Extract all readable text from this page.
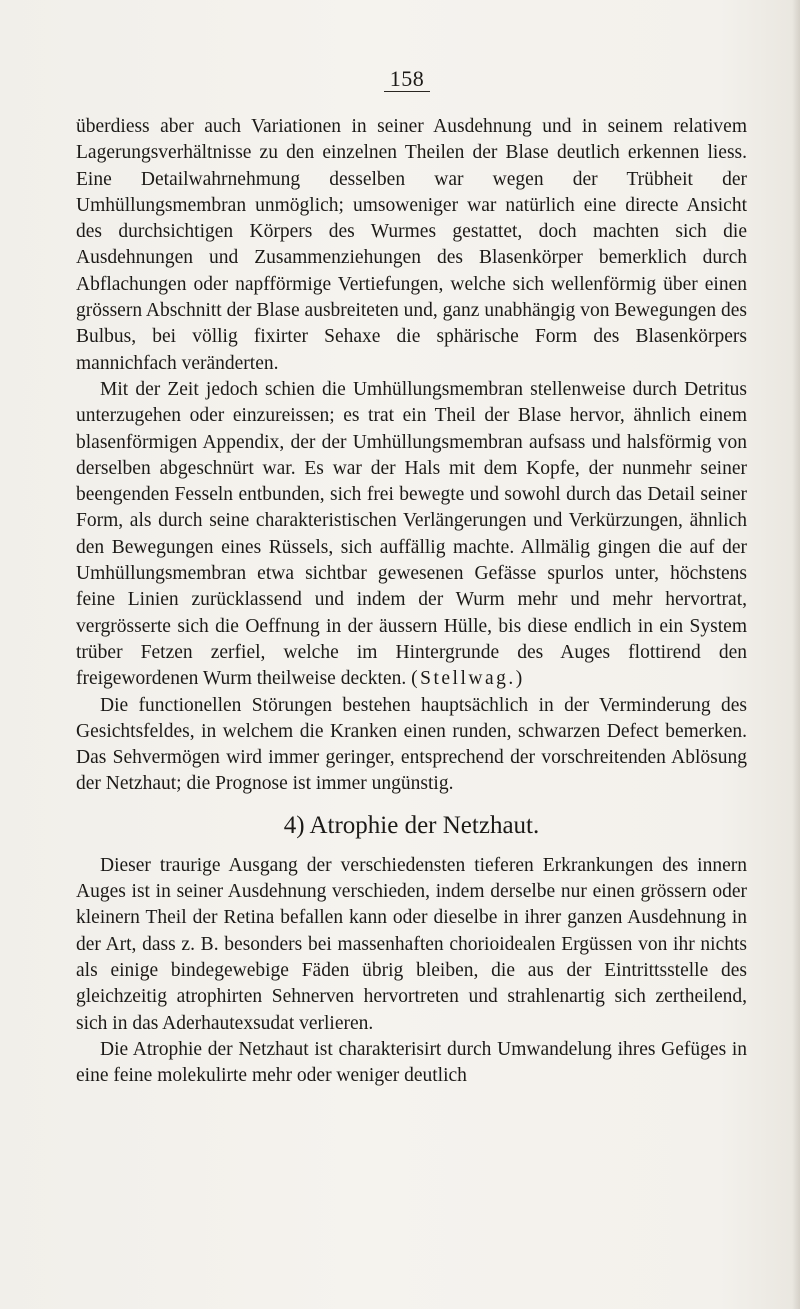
158

überdiess aber auch Variationen in seiner Ausdehnung und in seinem relativem Lagerungsverhältnisse zu den einzelnen Theilen der Blase deutlich erkennen liess. Eine Detailwahrnehmung desselben war wegen der Trübheit der Umhüllungsmembran unmöglich; umsoweniger war natürlich eine directe Ansicht des durchsichtigen Körpers des Wurmes gestattet, doch machten sich die Ausdehnungen und Zusammenziehungen des Blasenkörper bemerklich durch Abflachungen oder napfförmige Vertiefungen, welche sich wellenförmig über einen grössern Abschnitt der Blase ausbreiteten und, ganz unabhängig von Bewegungen des Bulbus, bei völlig fixirter Sehaxe die sphärische Form des Blasenkörpers mannichfach veränderten.

Mit der Zeit jedoch schien die Umhüllungsmembran stellenweise durch Detritus unterzugehen oder einzureissen; es trat ein Theil der Blase hervor, ähnlich einem blasenförmigen Appendix, der der Umhüllungsmembran aufsass und halsförmig von derselben abgeschnürt war. Es war der Hals mit dem Kopfe, der nunmehr seiner beengenden Fesseln entbunden, sich frei bewegte und sowohl durch das Detail seiner Form, als durch seine charakteristischen Verlängerungen und Verkürzungen, ähnlich den Bewegungen eines Rüssels, sich auffällig machte. Allmälig gingen die auf der Umhüllungsmembran etwa sichtbar gewesenen Gefässe spurlos unter, höchstens feine Linien zurücklassend und indem der Wurm mehr und mehr hervortrat, vergrösserte sich die Oeffnung in der äussern Hülle, bis diese endlich in ein System trüber Fetzen zerfiel, welche im Hintergrunde des Auges flottirend den freigewordenen Wurm theilweise deckten. (Stellwag.)

Die functionellen Störungen bestehen hauptsächlich in der Verminderung des Gesichtsfeldes, in welchem die Kranken einen runden, schwarzen Defect bemerken. Das Sehvermögen wird immer geringer, entsprechend der vorschreitenden Ablösung der Netzhaut; die Prognose ist immer ungünstig.

4) Atrophie der Netzhaut.

Dieser traurige Ausgang der verschiedensten tieferen Erkrankungen des innern Auges ist in seiner Ausdehnung verschieden, indem derselbe nur einen grössern oder kleinern Theil der Retina befallen kann oder dieselbe in ihrer ganzen Ausdehnung in der Art, dass z. B. besonders bei massenhaften chorioidealen Ergüssen von ihr nichts als einige bindegewebige Fäden übrig bleiben, die aus der Eintrittsstelle des gleichzeitig atrophirten Sehnerven hervortreten und strahlenartig sich zertheilend, sich in das Aderhautexsudat verlieren.

Die Atrophie der Netzhaut ist charakterisirt durch Umwandelung ihres Gefüges in eine feine molekulirte mehr oder weniger deutlich
